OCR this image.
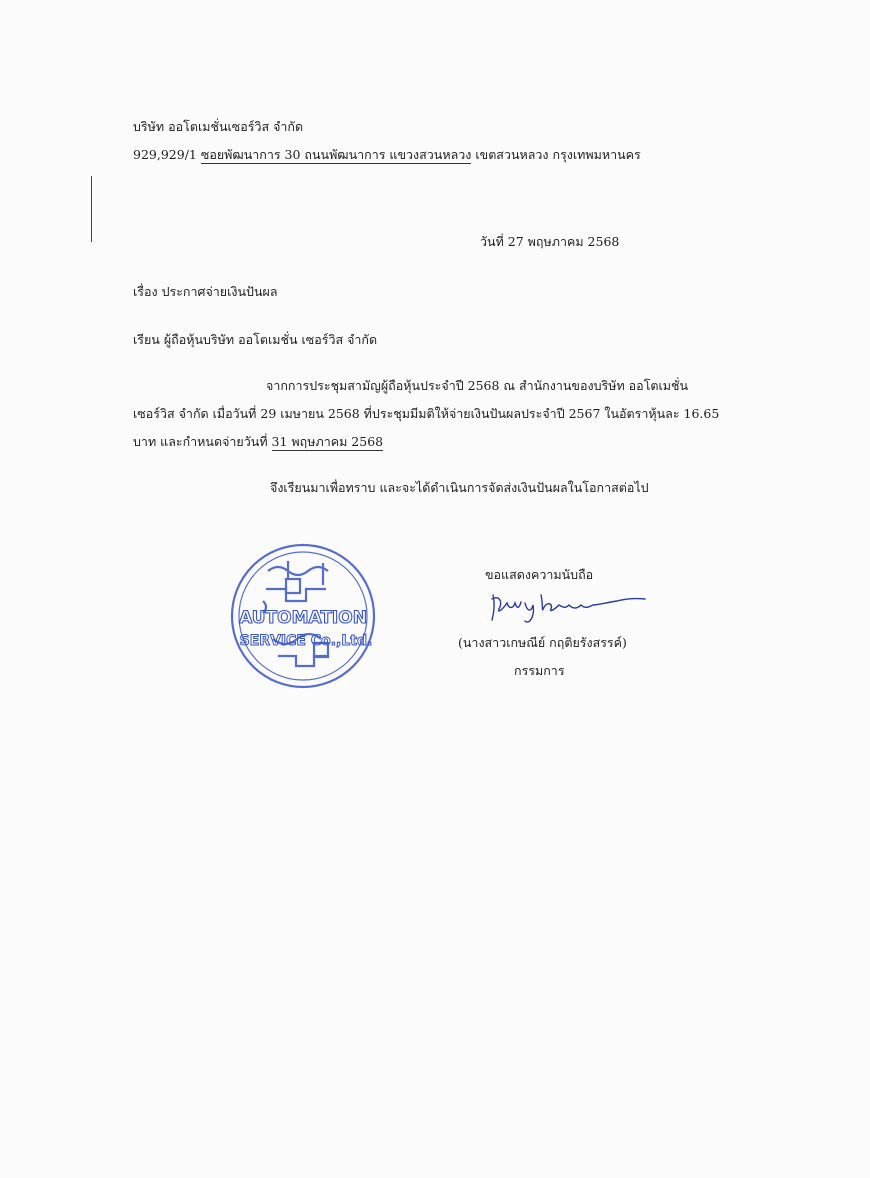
บริษัท ออโตเมชั่นเซอร์วิส จำกัด
929,929/1 ซอยพัฒนาการ 30 ถนนพัฒนาการ แขวงสวนหลวง เขตสวนหลวง กรุงเทพมหานคร
วันที่ 27 พฤษภาคม 2568
เรื่อง ประกาศจ่ายเงินปันผล
เรียน ผู้ถือหุ้นบริษัท ออโตเมชั่น เซอร์วิส จำกัด
จากการประชุมสามัญผู้ถือหุ้นประจำปี 2568 ณ สำนักงานของบริษัท ออโตเมชั่น
เซอร์วิส จำกัด เมื่อวันที่ 29 เมษายน 2568 ที่ประชุมมีมติให้จ่ายเงินปันผลประจำปี 2567 ในอัตราหุ้นละ 16.65
บาท และกำหนดจ่ายวันที่ 31 พฤษภาคม 2568
จึงเรียนมาเพื่อทราบ และจะได้ดำเนินการจัดส่งเงินปันผลในโอกาสต่อไป
AUTOMATION
SERVICE Co.,Ltd.
ขอแสดงความนับถือ
(นางสาวเกษณีย์ กฤติยรังสรรค์)
กรรมการ
